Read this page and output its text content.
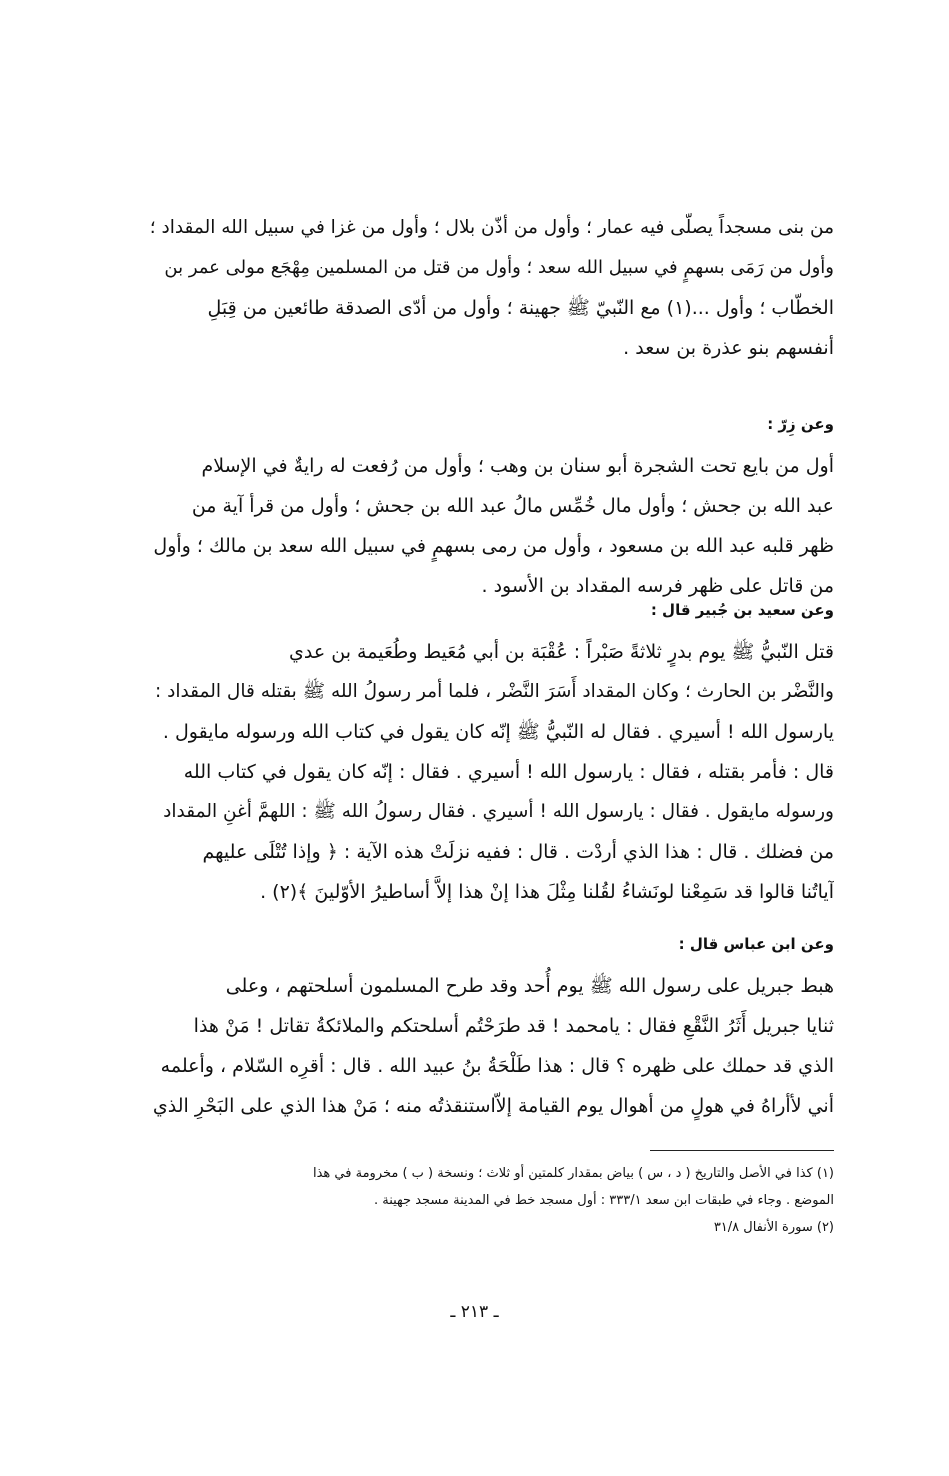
من بنى مسجداً يصلّى فيه عمار ؛ وأول من أذّن بلال ؛ وأول من غزا في سبيل الله المقداد ؛
وأول من رَمَى بسهمٍ في سبيل الله سعد ؛ وأول من قتل من المسلمين مِهْجَع مولى عمر بن
الخطّاب ؛ وأول ...(١) مع النّبيّ ﷺ جهينة ؛ وأول من أدّى الصدقة طائعين من قِبَلِ
أنفسهم بنو عذرة بن سعد .
وعن زِرّ :
أول من بايع تحت الشجرة أبو سنان بن وهب ؛ وأول من رُفعت له رايةٌ في الإسلام
عبد الله بن جحش ؛ وأول مال خُمِّس مالُ عبد الله بن جحش ؛ وأول من قرأ آية من
ظهر قلبه عبد الله بن مسعود ، وأول من رمى بسهمٍ في سبيل الله سعد بن مالك ؛ وأول
من قاتل على ظهر فرسه المقداد بن الأسود .
وعن سعيد بن جُبير قال :
قتل النّبيُّ ﷺ يوم بدرٍ ثلاثةً صَبْراً : عُقْبَة بن أبي مُعَيط وطُعَيمة بن عدي
والنَّضْر بن الحارث ؛ وكان المقداد أَسَرَ النَّضْر ، فلما أمر رسولُ الله ﷺ بقتله قال المقداد :
يارسول الله ! أسيري . فقال له النّبيُّ ﷺ إنّه كان يقول في كتاب الله ورسوله مايقول .
قال : فأمر بقتله ، فقال : يارسول الله ! أسيري . فقال : إنّه كان يقول في كتاب الله
ورسوله مايقول . فقال : يارسول الله ! أسيري . فقال رسولُ الله ﷺ : اللهمَّ أغنِ المقداد
من فضلك . قال : هذا الذي أردْت . قال : ففيه نزلَتْ هذه الآية : ﴿ وإذا تُتْلَى عليهم
آياتُنا قالوا قد سَمِعْنا لونَشاءُ لقُلنا مِثْلَ هذا إنْ هذا إلاَّ أساطيرُ الأوّلينَ ﴾(٢) .
وعن ابن عباس قال :
هبط جبريل على رسول الله ﷺ يوم أُحد وقد طرح المسلمون أسلحتهم ، وعلى
ثنايا جبريل أَثَرُ النَّقْعِ فقال : يامحمد ! قد طرَحْتُم أسلحتكم والملائكةُ تقاتل ! مَنْ هذا
الذي قد حملك على ظهره ؟ قال : هذا طَلْحَةُ بنُ عبيد الله . قال : أقرِه السّلام ، وأعلمه
أني لأأراهُ في هولٍ من أهوال يوم القيامة إلاّاستنقذتُه منه ؛ مَنْ هذا الذي على البَحْرِ الذي
(١) كذا في الأصل والتاريخ ( د ، س ) بياض بمقدار كلمتين أو ثلاث ؛ ونسخة ( ب ) مخرومة في هذا
الموضع . وجاء في طبقات ابن سعد ٣٣٣/١ : أول مسجد خط في المدينة مسجد جهينة .
(٢) سورة الأنفال ٣١/٨
ـ ٢١٣ ـ
